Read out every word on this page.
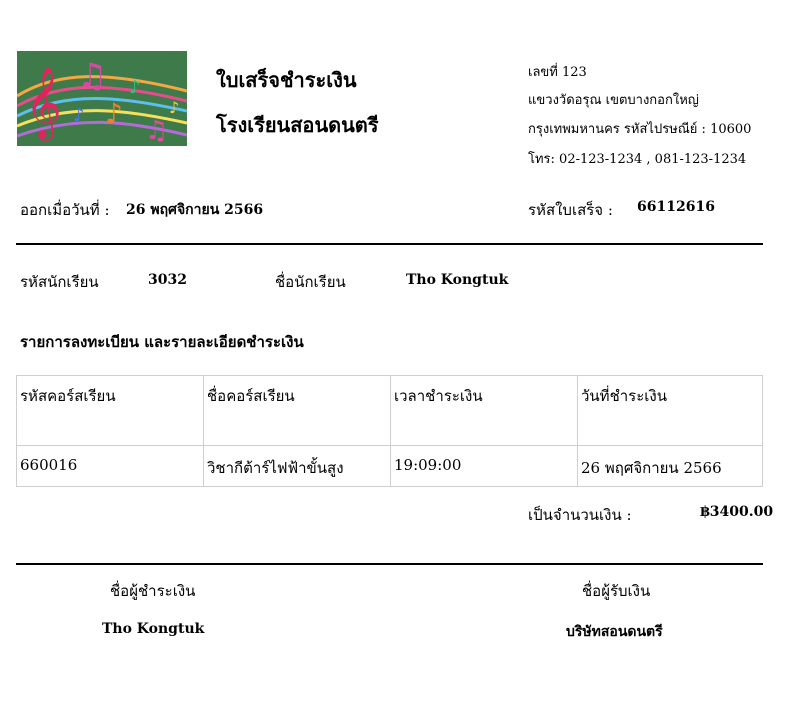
𝄞 ♫
♪
♫
♪
♪
♪
ใบเสร็จชำระเงิน
โรงเรียนสอนดนตรี
เลขที่ 123
แขวงวัดอรุณ เขตบางกอกใหญ่
กรุงเทพมหานคร รหัสไปรษณีย์ : 10600
โทร: 02-123-1234 , 081-123-1234
ออกเมื่อวันที่ : 26 พฤศจิกายน 2566	รหัสใบเสร็จ : 66112616
รหัสนักเรียน	3032	ชื่อนักเรียน	Tho Kongtuk
รายการลงทะเบียน และรายละเอียดชำระเงิน
รหัสคอร์สเรียน	ชื่อคอร์สเรียน	เวลาชำระเงิน	วันที่ชำระเงิน
660016	วิชากีต้าร์ไฟฟ้าขั้นสูง	19:09:00	26 พฤศจิกายน 2566
เป็นจำนวนเงิน :	฿3400.00
ชื่อผู้ชำระเงิน
Tho Kongtuk
ชื่อผู้รับเงิน
บริษัทสอนดนตรี
